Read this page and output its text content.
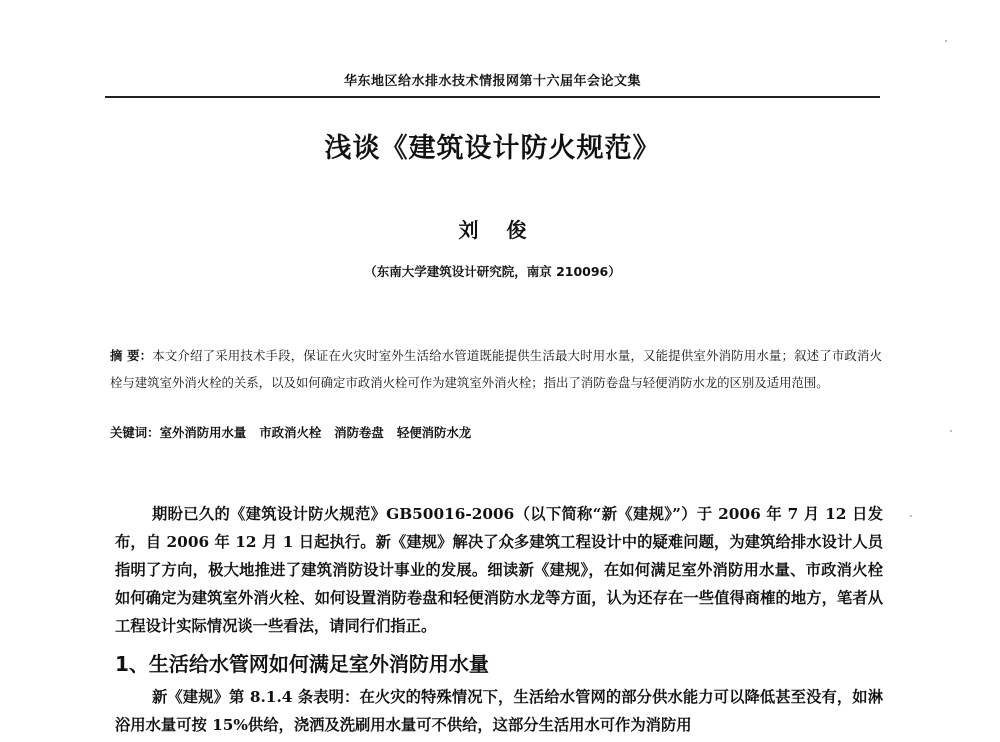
华东地区给水排水技术情报网第十六届年会论文集
浅谈《建筑设计防火规范》
刘俊
（东南大学建筑设计研究院，南京 210096）

摘 要：本文介绍了采用技术手段，保证在火灾时室外生活给水管道既能提供生活最大时用水量，又能提供室外消防用水量；叙述了市政消火栓与建筑室外消火栓的关系，以及如何确定市政消火栓可作为建筑室外消火栓；指出了消防卷盘与轻便消防水龙的区别及适用范围。

关键词：室外消防用水量 市政消火栓 消防卷盘 轻便消防水龙

期盼已久的《建筑设计防火规范》GB50016-2006（以下简称“新《建规》”）于 2006 年 7 月 12 日发布，自 2006 年 12 月 1 日起执行。新《建规》解决了众多建筑工程设计中的疑难问题，为建筑给排水设计人员指明了方向，极大地推进了建筑消防设计事业的发展。细读新《建规》，在如何满足室外消防用水量、市政消火栓如何确定为建筑室外消火栓、如何设置消防卷盘和轻便消防水龙等方面，认为还存在一些值得商榷的地方，笔者从工程设计实际情况谈一些看法，请同行们指正。

1、生活给水管网如何满足室外消防用水量

新《建规》第 8.1.4 条表明：在火灾的特殊情况下，生活给水管网的部分供水能力可以降低甚至没有，如淋浴用水量可按 15%供给，浇洒及洗刷用水量可不供给，这部分生活用水可作为消防用
